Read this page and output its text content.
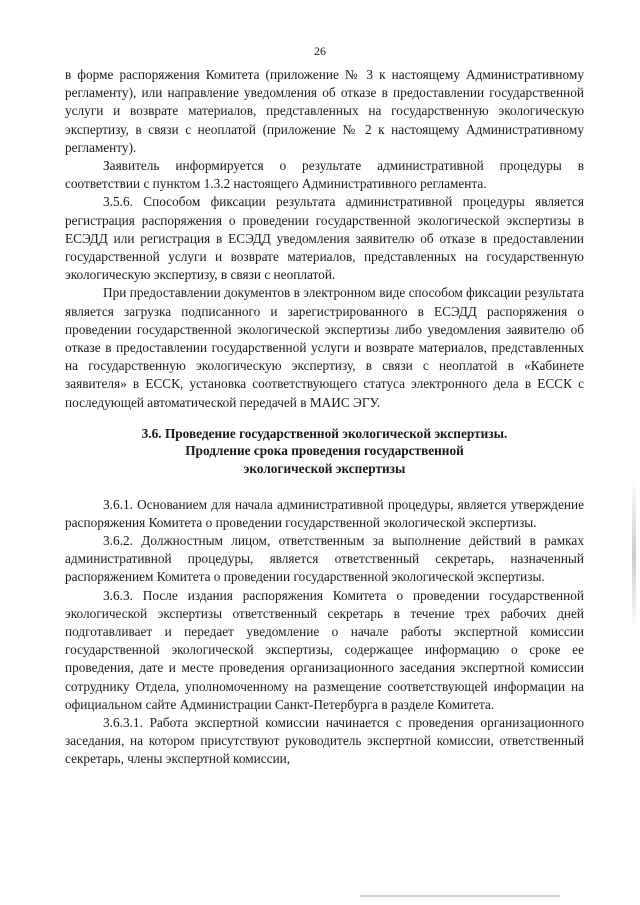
26

в форме распоряжения Комитета (приложение № 3 к настоящему Административному регламенту), или направление уведомления об отказе в предоставлении государственной услуги и возврате материалов, представленных на государственную экологическую экспертизу, в связи с неоплатой (приложение № 2 к настоящему Административному регламенту).

Заявитель информируется о результате административной процедуры в соответствии с пунктом 1.3.2 настоящего Административного регламента.

3.5.6. Способом фиксации результата административной процедуры является регистрация распоряжения о проведении государственной экологической экспертизы в ЕСЭДД или регистрация в ЕСЭДД уведомления заявителю об отказе в предоставлении государственной услуги и возврате материалов, представленных на государственную экологическую экспертизу, в связи с неоплатой.

При предоставлении документов в электронном виде способом фиксации результата является загрузка подписанного и зарегистрированного в ЕСЭДД распоряжения о проведении государственной экологической экспертизы либо уведомления заявителю об отказе в предоставлении государственной услуги и возврате материалов, представленных на государственную экологическую экспертизу, в связи с неоплатой в «Кабинете заявителя» в ЕССК, установка соответствующего статуса электронного дела в ЕССК с последующей автоматической передачей в МАИС ЭГУ.

3.6. Проведение государственной экологической экспертизы.
Продление срока проведения государственной
экологической экспертизы

3.6.1. Основанием для начала административной процедуры, является утверждение распоряжения Комитета о проведении государственной экологической экспертизы.

3.6.2. Должностным лицом, ответственным за выполнение действий в рамках административной процедуры, является ответственный секретарь, назначенный распоряжением Комитета о проведении государственной экологической экспертизы.

3.6.3. После издания распоряжения Комитета о проведении государственной экологической экспертизы ответственный секретарь в течение трех рабочих дней подготавливает и передает уведомление о начале работы экспертной комиссии государственной экологической экспертизы, содержащее информацию о сроке ее проведения, дате и месте проведения организационного заседания экспертной комиссии сотруднику Отдела, уполномоченному на размещение соответствующей информации на официальном сайте Администрации Санкт-Петербурга в разделе Комитета.

3.6.3.1. Работа экспертной комиссии начинается с проведения организационного заседания, на котором присутствуют руководитель экспертной комиссии, ответственный секретарь, члены экспертной комиссии,
